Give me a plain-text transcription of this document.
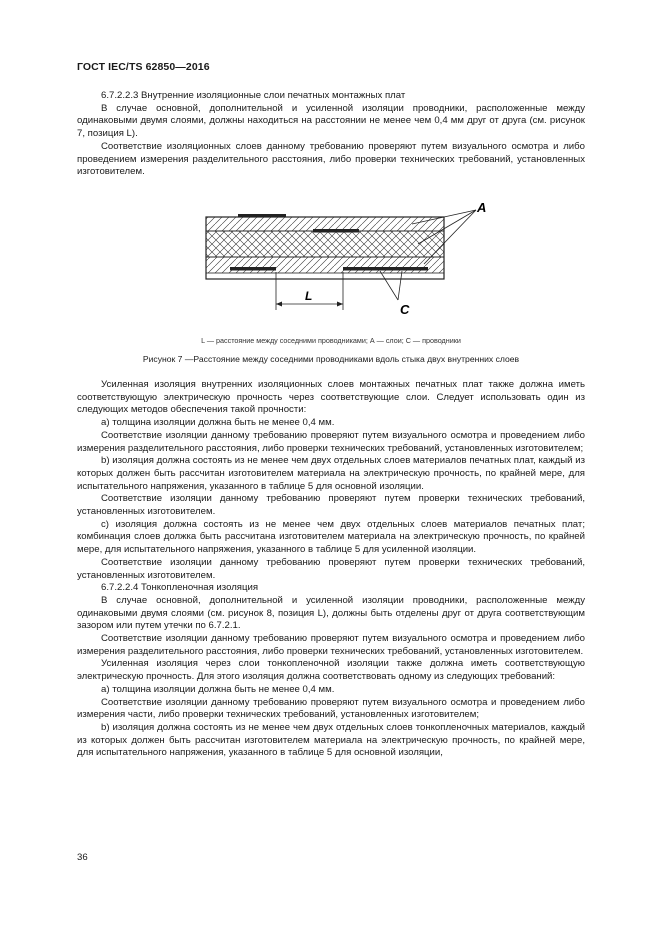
ГОСТ IEC/TS 62850—2016

6.7.2.2.3 Внутренние изоляционные слои печатных монтажных плат

В случае основной, дополнительной и усиленной изоляции проводники, расположенные между одинаковыми двумя слоями, должны находиться на расстоянии не менее чем 0,4 мм друг от друга (см. рисунок 7, позиция L).

Соответствие изоляционных слоев данному требованию проверяют путем визуального осмотра и либо проведением измерения разделительного расстояния, либо проверки технических требований, установленных изготовителем.

L
A
C
L — расстояние между соседними проводниками; А — слои; С — проводники
Рисунок 7 —Расстояние между соседними проводниками вдоль стыка двух внутренних слоев

Усиленная изоляция внутренних изоляционных слоев монтажных печатных плат также должна иметь соответствующую электрическую прочность через соответствующие слои. Следует использовать один из следующих методов обеспечения такой прочности:

а) толщина изоляции должна быть не менее 0,4 мм.

Соответствие изоляции данному требованию проверяют путем визуального осмотра и проведением либо измерения разделительного расстояния, либо проверки технических требований, установленных изготовителем;

b) изоляция должна состоять из не менее чем двух отдельных слоев материалов печатных плат, каждый из которых должен быть рассчитан изготовителем материала на электрическую прочность, по крайней мере, для испытательного напряжения, указанного в таблице 5 для основной изоляции.

Соответствие изоляции данному требованию проверяют путем проверки технических требований, установленных изготовителем.

с) изоляция должна состоять из не менее чем двух отдельных слоев материалов печатных плат; комбинация слоев должка быть рассчитана изготовителем материала на электрическую прочность, по крайней мере, для испытательного напряжения, указанного в таблице 5 для усиленной изоляции.

Соответствие изоляции данному требованию проверяют путем проверки технических требований, установленных изготовителем.

6.7.2.2.4 Тонкопленочная изоляция

В случае основной, дополнительной и усиленной изоляции проводники, расположенные между одинаковыми двумя слоями (см. рисунок 8, позиция L), должны быть отделены друг от друга соответствующим зазором или путем утечки по 6.7.2.1.

Соответствие изоляции данному требованию проверяют путем визуального осмотра и проведением либо измерения разделительного расстояния, либо проверки технических требований, установленных изготовителем.

Усиленная изоляция через слои тонкопленочной изоляции также должна иметь соответствующую электрическую прочность. Для этого изоляция должна соответствовать одному из следующих требований:

а) толщина изоляции должна быть не менее 0,4 мм.

Соответствие изоляции данному требованию проверяют путем визуального осмотра и проведением либо измерения части, либо проверки технических требований, установленных изготовителем;

b) изоляция должна состоять из не менее чем двух отдельных слоев тонкопленочных материалов, каждый из которых должен быть рассчитан изготовителем материала на электрическую прочность, по крайней мере, для испытательного напряжения, указанного в таблице 5 для основной изоляции,

36
